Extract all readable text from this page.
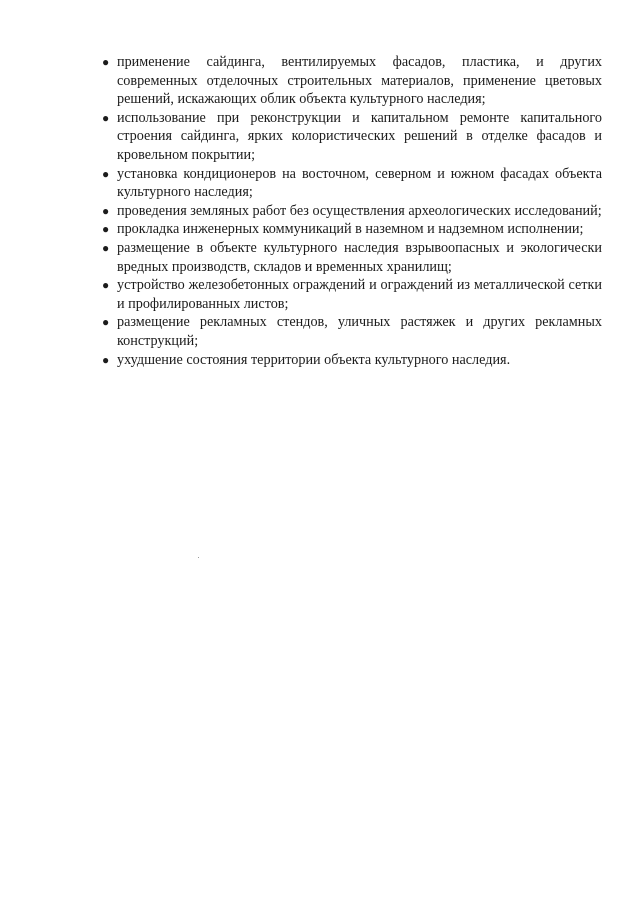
● применение сайдинга, вентилируемых фасадов, пластика, и других современных отделочных строительных материалов, применение цветовых решений, искажающих облик объекта культурного наследия;
● использование при реконструкции и капитальном ремонте капитального строения сайдинга, ярких колористических решений в отделке фасадов и кровельном покрытии;
● установка кондиционеров на восточном, северном и южном фасадах объекта культурного наследия;
● проведения земляных работ без осуществления археологических исследований;
● прокладка инженерных коммуникаций в наземном и надземном исполнении;
● размещение в объекте культурного наследия взрывоопасных и экологически вредных производств, складов и временных хранилищ;
● устройство железобетонных ограждений и ограждений из металлической сетки и профилированных листов;
● размещение рекламных стендов, уличных растяжек и других рекламных конструкций;
● ухудшение состояния территории объекта культурного наследия.
